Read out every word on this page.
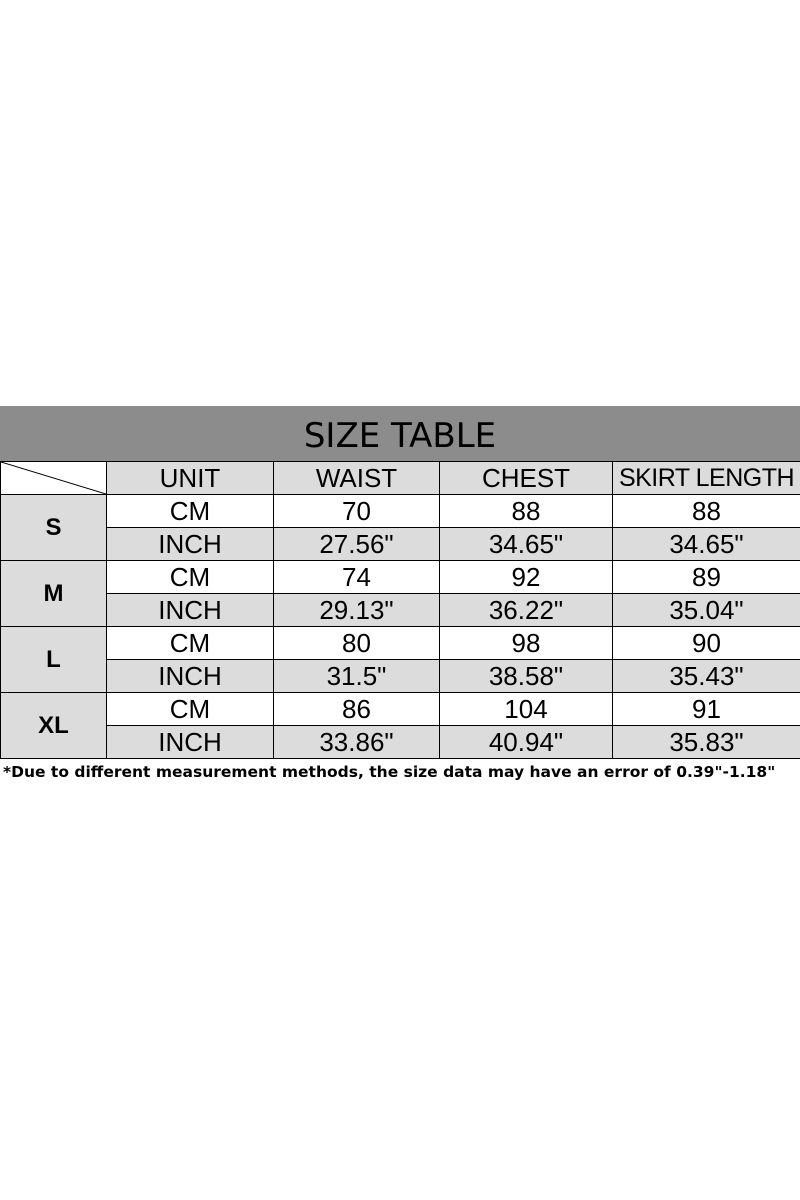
SIZE TABLE
	UNIT	WAIST	CHEST	SKIRT LENGTH
S	CM	70	88	88
	INCH	27.56"	34.65"	34.65"
M	CM	74	92	89
	INCH	29.13"	36.22"	35.04"
L	CM	80	98	90
	INCH	31.5"	38.58"	35.43"
XL	CM	86	104	91
	INCH	33.86"	40.94"	35.83"
*Due to different measurement methods, the size data may have an error of 0.39"-1.18"
